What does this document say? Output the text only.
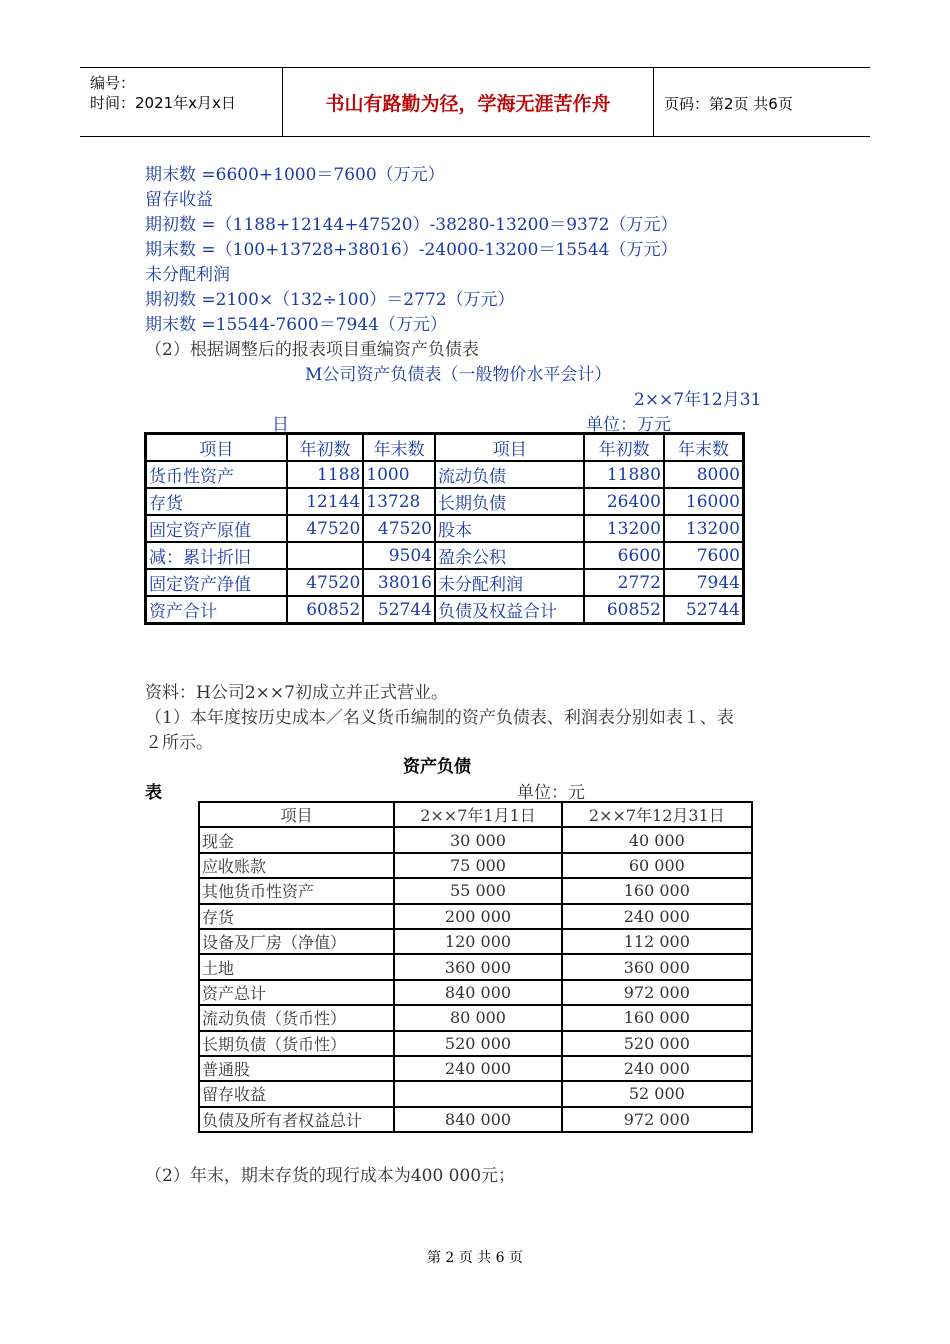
编号：
时间：2021年x月x日	书山有路勤为径，学海无涯苦作舟	页码：第2页 共6页
期末数 =6600+1000＝7600（万元）
留存收益
期初数 =（1188+12144+47520）-38280-13200＝9372（万元）
期末数 =（100+13728+38016）-24000-13200＝15544（万元）
未分配利润
期初数 =2100×（132÷100）＝2772（万元）
期末数 =15544-7600＝7944（万元）
（2）根据调整后的报表项目重编资产负债表
M公司资产负债表（一般物价水平会计）
2××7年12月31
日	单位：万元
项目	年初数	年末数	项目	年初数	年末数
货币性资产	1188	1000	流动负债	11880	8000
存货	12144	13728	长期负债	26400	16000
固定资产原值	47520	47520	股本	13200	13200
减：累计折旧		9504	盈余公积	6600	7600
固定资产净值	47520	38016	未分配利润	2772	7944
资产合计	60852	52744	负债及权益合计	60852	52744
资料：H公司2××7初成立并正式营业。
（1）本年度按历史成本／名义货币编制的资产负债表、利润表分别如表１、表
２所示。
资产负债
表	单位：元
项目	2××7年1月1日	2××7年12月31日
现金	30 000	40 000
应收账款	75 000	60 000
其他货币性资产	55 000	160 000
存货	200 000	240 000
设备及厂房（净值）	120 000	112 000
土地	360 000	360 000
资产总计	840 000	972 000
流动负债（货币性）	80 000	160 000
长期负债（货币性）	520 000	520 000
普通股	240 000	240 000
留存收益		52 000
负债及所有者权益总计	840 000	972 000
（2）年末，期末存货的现行成本为400 000元；
第 2 页 共 6 页
